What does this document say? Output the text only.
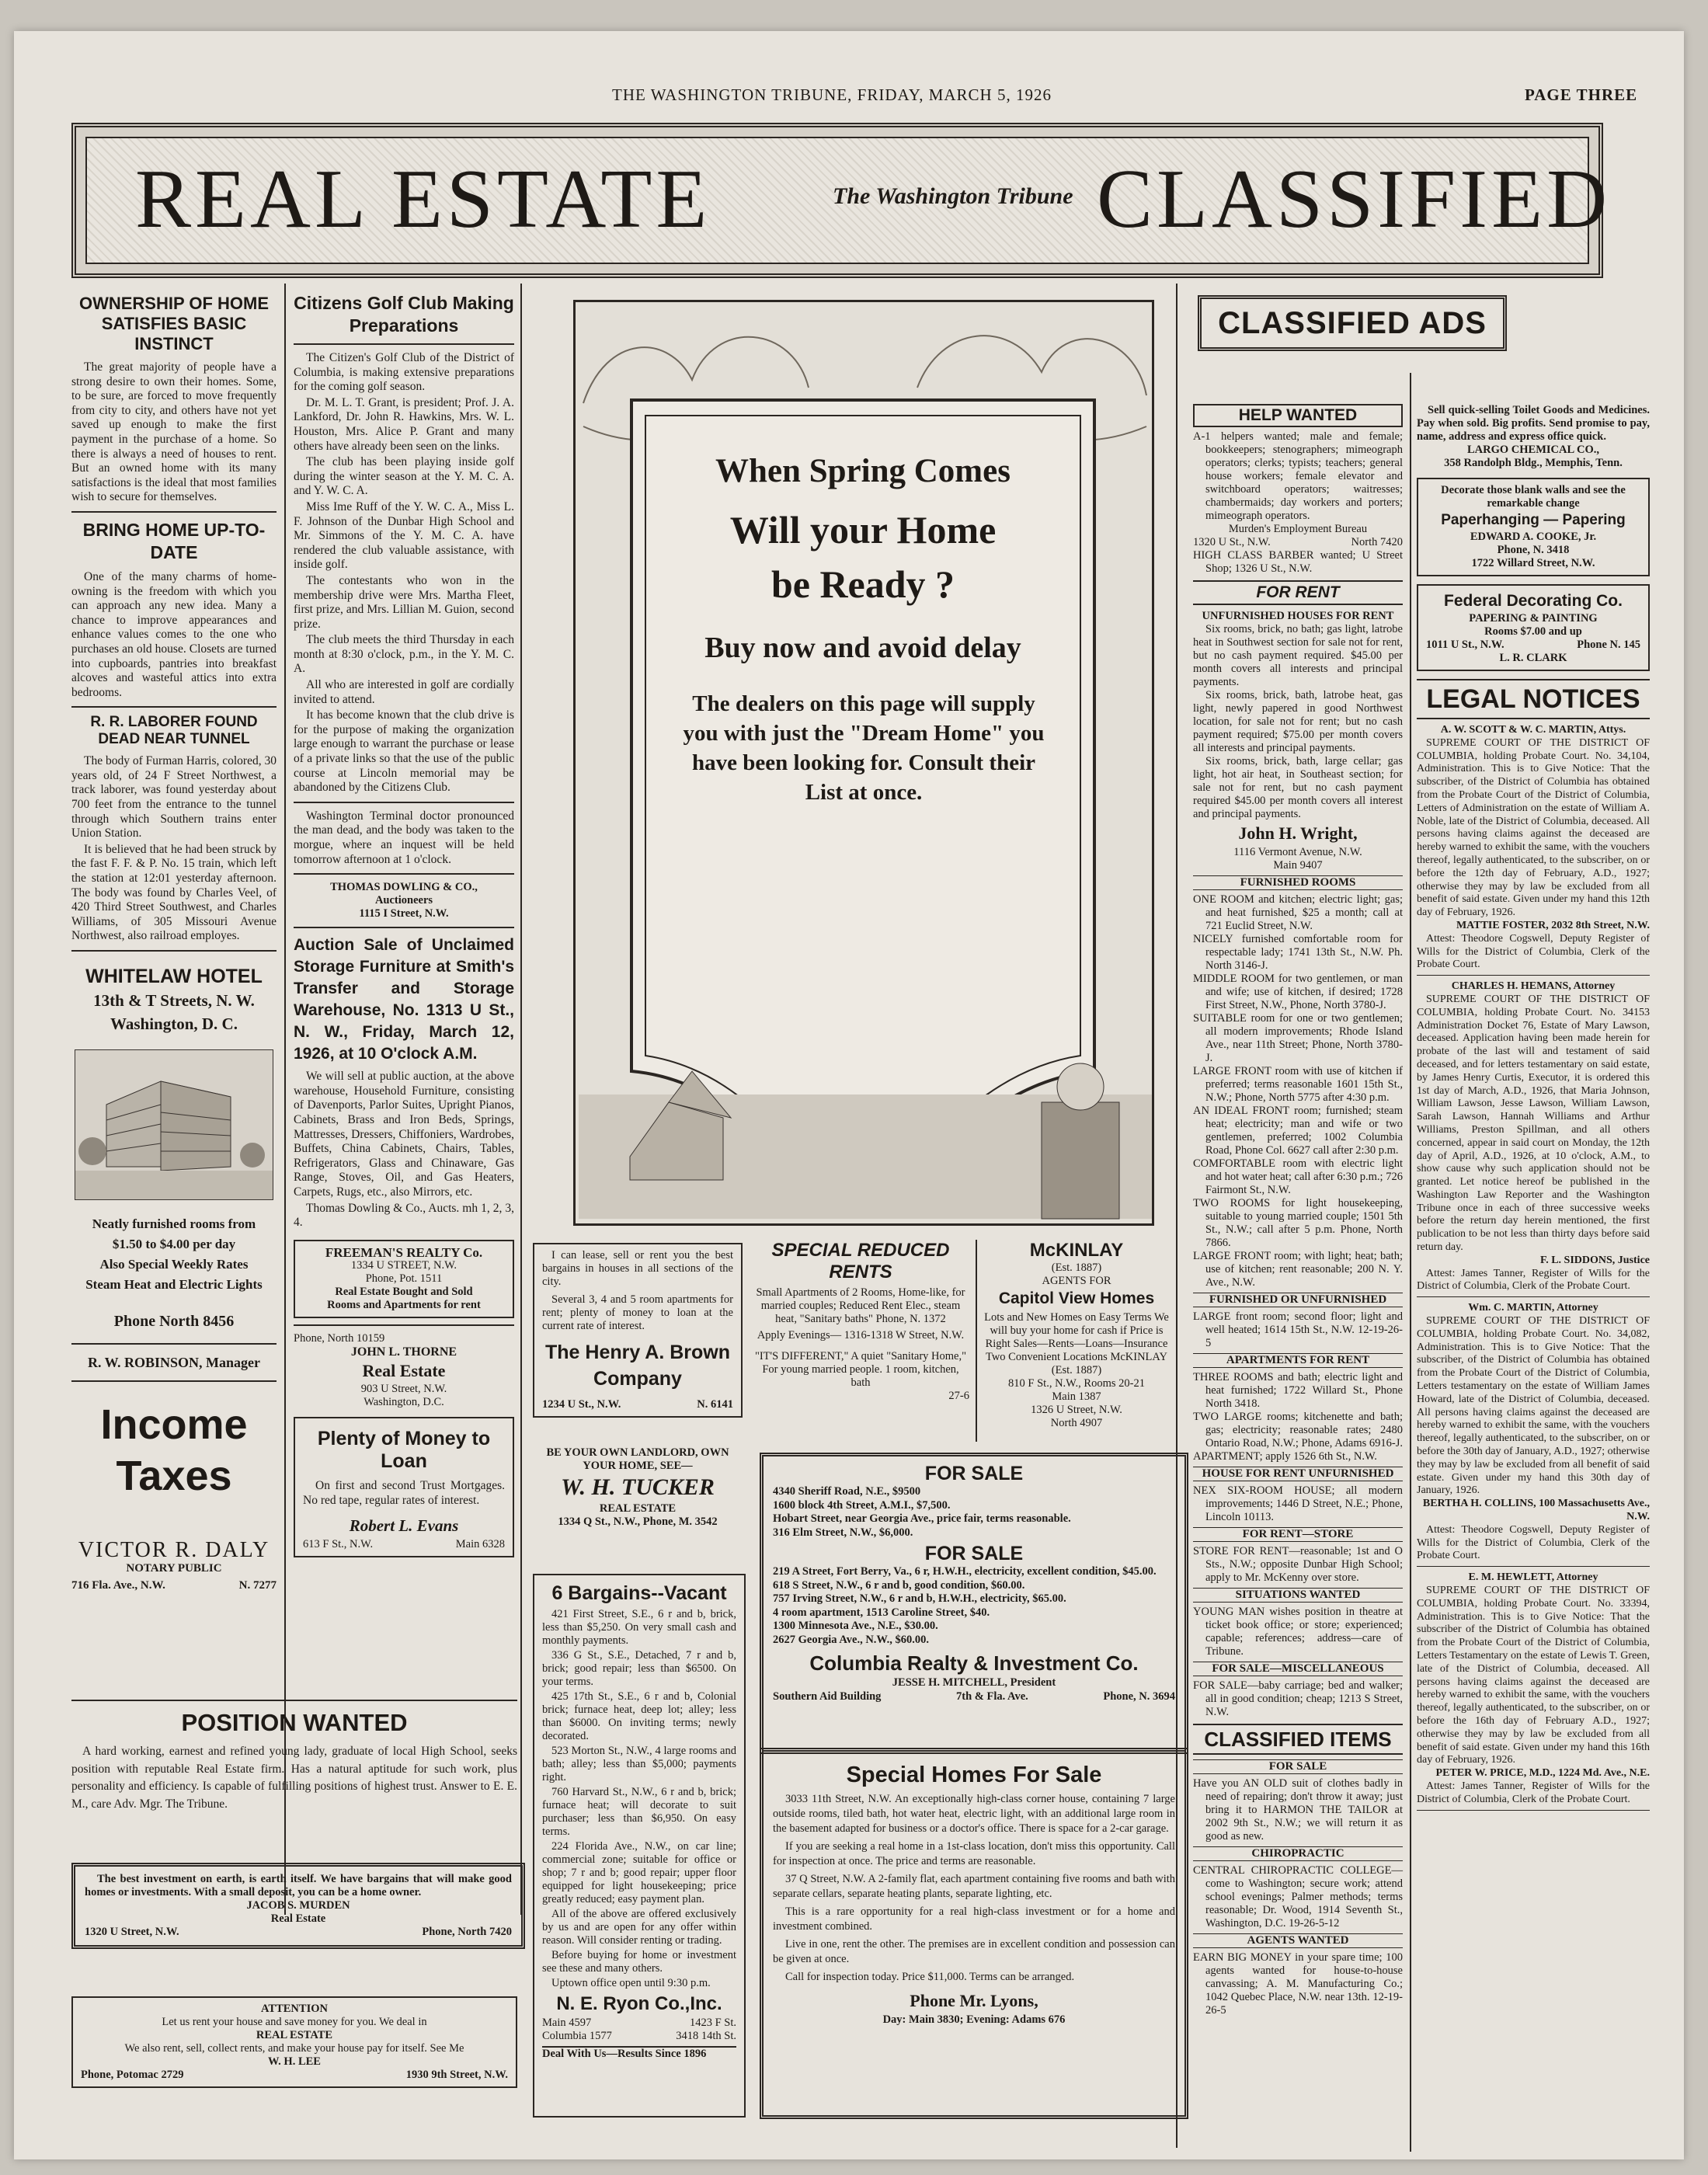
THE WASHINGTON TRIBUNE, FRIDAY, MARCH 5, 1926	PAGE THREE
REAL ESTATE	The Washington Tribune CLASSIFIED
OWNERSHIP OF HOME SATISFIES BASIC INSTINCT

The great majority of people have a strong desire to own their homes. Some, to be sure, are forced to move frequently from city to city, and others have not yet saved up enough to make the first payment in the purchase of a home. So there is always a need of houses to rent. But an owned home with its many satisfactions is the ideal that most families wish to secure for themselves.

BRING HOME UP-TO-DATE

One of the many charms of home-owning is the freedom with which you can approach any new idea. Many a chance to improve appearances and enhance values comes to the one who purchases an old house. Closets are turned into cupboards, pantries into breakfast alcoves and wasteful attics into extra bedrooms.

R. R. LABORER FOUND DEAD NEAR TUNNEL

The body of Furman Harris, colored, 30 years old, of 24 F Street Northwest, a track laborer, was found yesterday about 700 feet from the entrance to the tunnel through which Southern trains enter Union Station.

It is believed that he had been struck by the fast F. F. & P. No. 15 train, which left the station at 12:01 yesterday afternoon. The body was found by Charles Veel, of 420 Third Street Southwest, and Charles Williams, of 305 Missouri Avenue Northwest, also railroad employes.

WHITELAW HOTEL
13th & T Streets, N. W.
Washington, D. C.
Neatly furnished rooms from
$1.50 to $4.00 per day
Also Special Weekly Rates
Steam Heat and Electric Lights
Phone North 8456
R. W. ROBINSON, Manager
Income
Taxes
VICTOR R. DALY
NOTARY PUBLIC
716 Fla. Ave., N.W.	N. 7277
Citizens Golf Club Making Preparations

The Citizen's Golf Club of the District of Columbia, is making extensive preparations for the coming golf season.

Dr. M. L. T. Grant, is president; Prof. J. A. Lankford, Dr. John R. Hawkins, Mrs. W. L. Houston, Mrs. Alice P. Grant and many others have already been seen on the links.

The club has been playing inside golf during the winter season at the Y. M. C. A. and Y. W. C. A.

Miss Ime Ruff of the Y. W. C. A., Miss L. F. Johnson of the Dunbar High School and Mr. Simmons of the Y. M. C. A. have rendered the club valuable assistance, with inside golf.

The contestants who won in the membership drive were Mrs. Martha Fleet, first prize, and Mrs. Lillian M. Guion, second prize.

The club meets the third Thursday in each month at 8:30 o'clock, p.m., in the Y. M. C. A.

All who are interested in golf are cordially invited to attend.

It has become known that the club drive is for the purpose of making the organization large enough to warrant the purchase or lease of a private links so that the use of the public course at Lincoln memorial may be abandoned by the Citizens Club.

Washington Terminal doctor pronounced the man dead, and the body was taken to the morgue, where an inquest will be held tomorrow afternoon at 1 o'clock.

THOMAS DOWLING & CO.,
Auctioneers
1115 I Street, N.W.
Auction Sale of Unclaimed Storage Furniture at Smith's Transfer and Storage Warehouse, No. 1313 U St., N. W., Friday, March 12, 1926, at 10 O'clock A.M.

We will sell at public auction, at the above warehouse, Household Furniture, consisting of Davenports, Parlor Suites, Upright Pianos, Cabinets, Brass and Iron Beds, Springs, Mattresses, Dressers, Chiffoniers, Wardrobes, Buffets, China Cabinets, Chairs, Tables, Refrigerators, Glass and Chinaware, Gas Range, Stoves, Oil, and Gas Heaters, Carpets, Rugs, etc., also Mirrors, etc.

Thomas Dowling & Co., Aucts. mh 1, 2, 3, 4.

FREEMAN'S REALTY Co.
1334 U STREET, N.W.
Phone, Pot. 1511
Real Estate Bought and Sold
Rooms and Apartments for rent
Phone, North 10159
JOHN L. THORNE
Real Estate
903 U Street, N.W.
Washington, D.C.
Plenty of Money to Loan

On first and second Trust Mortgages. No red tape, regular rates of interest.

Robert L. Evans
613 F St., N.W.	Main 6328
When Spring Comes
Will your Home
be Ready ?
Buy now and avoid delay
The dealers on this page will supply you with just the "Dream Home" you have been looking for. Consult their List at once.

I can lease, sell or rent you the best bargains in houses in all sections of the city.

Several 3, 4 and 5 room apartments for rent; plenty of money to loan at the current rate of interest.

The Henry A. Brown Company
1234 U St., N.W.	N. 6141
SPECIAL REDUCED RENTS
Small Apartments of 2 Rooms, Home-like, for married couples; Reduced Rent Elec., steam heat, "Sanitary baths" Phone, N. 1372
Apply Evenings— 1316-1318 W Street, N.W.
"IT'S DIFFERENT," A quiet "Sanitary Home," For young married people. 1 room, kitchen, bath
27-6
McKINLAY
(Est. 1887)
AGENTS FOR
Capitol View Homes
Lots and New Homes on Easy Terms We will buy your home for cash if Price is Right Sales—Rents—Loans—Insurance Two Convenient Locations McKINLAY (Est. 1887)
810 F St., N.W., Rooms 20-21
Main 1387
1326 U Street, N.W.
North 4907
BE YOUR OWN LANDLORD, OWN YOUR HOME, SEE—
W. H. TUCKER
REAL ESTATE
1334 Q St., N.W., Phone, M. 3542
6 Bargains--Vacant

421 First Street, S.E., 6 r and b, brick, less than $5,250. On very small cash and monthly payments.

336 G St., S.E., Detached, 7 r and b, brick; good repair; less than $6500. On your terms.

425 17th St., S.E., 6 r and b, Colonial brick; furnace heat, deep lot; alley; less than $6000. On inviting terms; newly decorated.

523 Morton St., N.W., 4 large rooms and bath; alley; less than $5,000; payments right.

760 Harvard St., N.W., 6 r and b, brick; furnace heat; will decorate to suit purchaser; less than $6,950. On easy terms.

224 Florida Ave., N.W., on car line; commercial zone; suitable for office or shop; 7 r and b; good repair; upper floor equipped for light housekeeping; price greatly reduced; easy payment plan.

All of the above are offered exclusively by us and are open for any offer within reason. Will consider renting or trading.

Before buying for home or investment see these and many others.

Uptown office open until 9:30 p.m.

N. E. Ryon Co.,Inc.
Main 4597	1423 F St.
Columbia 1577	3418 14th St.
Deal With Us—Results Since 1896
FOR SALE
4340 Sheriff Road, N.E., $9500
1600 block 4th Street, A.M.I., $7,500.
Hobart Street, near Georgia Ave., price fair, terms reasonable.
316 Elm Street, N.W., $6,000.
FOR SALE
219 A Street, Fort Berry, Va., 6 r, H.W.H., electricity, excellent condition, $45.00.
618 S Street, N.W., 6 r and b, good condition, $60.00.
757 Irving Street, N.W., 6 r and b, H.W.H., electricity, $65.00.
4 room apartment, 1513 Caroline Street, $40.
1300 Minnesota Ave., N.E., $30.00.
2627 Georgia Ave., N.W., $60.00.
Columbia Realty & Investment Co.
JESSE H. MITCHELL, President
Southern Aid Building	7th & Fla. Ave.	Phone, N. 3694
Special Homes For Sale

3033 11th Street, N.W. An exceptionally high-class corner house, containing 7 large outside rooms, tiled bath, hot water heat, electric light, with an additional large room in the basement adapted for business or a doctor's office. There is space for a 2-car garage.

If you are seeking a real home in a 1st-class location, don't miss this opportunity. Call for inspection at once. The price and terms are reasonable.

37 Q Street, N.W. A 2-family flat, each apartment containing five rooms and bath with separate cellars, separate heating plants, separate lighting, etc.

This is a rare opportunity for a real high-class investment or for a home and investment combined.

Live in one, rent the other. The premises are in excellent condition and possession can be given at once.

Call for inspection today. Price $11,000. Terms can be arranged.

Phone Mr. Lyons,
Day: Main 3830; Evening: Adams 676
POSITION WANTED

A hard working, earnest and refined young lady, graduate of local High School, seeks position with reputable Real Estate firm. Has a natural aptitude for such work, plus personality and efficiency. Is capable of fulfilling positions of highest trust. Answer to E. E. M., care Adv. Mgr. The Tribune.

The best investment on earth, is earth itself. We have bargains that will make good homes or investments. With a small deposit, you can be a home owner.

JACOB S. MURDEN
Real Estate
1320 U Street, N.W.	Phone, North 7420
ATTENTION
Let us rent your house and save money for you. We deal in
REAL ESTATE
We also rent, sell, collect rents, and make your house pay for itself. See Me
W. H. LEE
Phone, Potomac 2729	1930 9th Street, N.W.
CLASSIFIED ADS
HELP WANTED

A-1 helpers wanted; male and female; bookkeepers; stenographers; mimeograph operators; clerks; typists; teachers; general house workers; female elevator and switchboard operators; waitresses; chambermaids; day workers and porters; mimeograph operators.

Murden's Employment Bureau
1320 U St., N.W.	North 7420

HIGH CLASS BARBER wanted; U Street Shop; 1326 U St., N.W.

FOR RENT
UNFURNISHED HOUSES FOR RENT

Six rooms, brick, no bath; gas light, latrobe heat in Southwest section for sale not for rent, but no cash payment required. $45.00 per month covers all interests and principal payments.

Six rooms, brick, bath, latrobe heat, gas light, newly papered in good Northwest location, for sale not for rent; but no cash payment required; $75.00 per month covers all interests and principal payments.

Six rooms, brick, bath, large cellar; gas light, hot air heat, in Southeast section; for sale not for rent, but no cash payment required $45.00 per month covers all interest and principal payments.

John H. Wright,
1116 Vermont Avenue, N.W.
Main 9407
FURNISHED ROOMS

ONE ROOM and kitchen; electric light; gas; and heat furnished, $25 a month; call at 721 Euclid Street, N.W.

NICELY furnished comfortable room for respectable lady; 1741 13th St., N.W. Ph. North 3146-J.

MIDDLE ROOM for two gentlemen, or man and wife; use of kitchen, if desired; 1728 First Street, N.W., Phone, North 3780-J.

SUITABLE room for one or two gentlemen; all modern improvements; Rhode Island Ave., near 11th Street; Phone, North 3780-J.

LARGE FRONT room with use of kitchen if preferred; terms reasonable 1601 15th St., N.W.; Phone, North 5775 after 4:30 p.m.

AN IDEAL FRONT room; furnished; steam heat; electricity; man and wife or two gentlemen, preferred; 1002 Columbia Road, Phone Col. 6627 call after 2:30 p.m.

COMFORTABLE room with electric light and hot water heat; call after 6:30 p.m.; 726 Fairmont St., N.W.

TWO ROOMS for light housekeeping, suitable to young married couple; 1501 5th St., N.W.; call after 5 p.m. Phone, North 7866.

LARGE FRONT room; with light; heat; bath; use of kitchen; rent reasonable; 200 N. Y. Ave., N.W.

FURNISHED OR UNFURNISHED

LARGE front room; second floor; light and well heated; 1614 15th St., N.W. 12-19-26-5

APARTMENTS FOR RENT

THREE ROOMS and bath; electric light and heat furnished; 1722 Willard St., Phone North 3418.

TWO LARGE rooms; kitchenette and bath; gas; electricity; reasonable rates; 2480 Ontario Road, N.W.; Phone, Adams 6916-J.

APARTMENT; apply 1526 6th St., N.W.

HOUSE FOR RENT UNFURNISHED

NEX SIX-ROOM HOUSE; all modern improvements; 1446 D Street, N.E.; Phone, Lincoln 10113.

FOR RENT—STORE

STORE FOR RENT—reasonable; 1st and O Sts., N.W.; opposite Dunbar High School; apply to Mr. McKenny over store.

SITUATIONS WANTED

YOUNG MAN wishes position in theatre at ticket book office; or store; experienced; capable; references; address—care of Tribune.

FOR SALE—MISCELLANEOUS

FOR SALE—baby carriage; bed and walker; all in good condition; cheap; 1213 S Street, N.W.

CLASSIFIED ITEMS
FOR SALE

Have you AN OLD suit of clothes badly in need of repairing; don't throw it away; just bring it to HARMON THE TAILOR at 2002 9th St., N.W.; we will return it as good as new.

CHIROPRACTIC

CENTRAL CHIROPRACTIC COLLEGE—come to Washington; secure work; attend school evenings; Palmer methods; terms reasonable; Dr. Wood, 1914 Seventh St., Washington, D.C. 19-26-5-12

AGENTS WANTED

EARN BIG MONEY in your spare time; 100 agents wanted for house-to-house canvassing; A. M. Manufacturing Co.; 1042 Quebec Place, N.W. near 13th. 12-19-26-5

Sell quick-selling Toilet Goods and Medicines. Pay when sold. Big profits. Send promise to pay, name, address and express office quick.

LARGO CHEMICAL CO.,
358 Randolph Bldg., Memphis, Tenn.
Decorate those blank walls and see the remarkable change
Paperhanging — Papering
EDWARD A. COOKE, Jr.
Phone, N. 3418
1722 Willard Street, N.W.
Federal Decorating Co.
PAPERING & PAINTING
Rooms $7.00 and up
1011 U St., N.W.	Phone N. 145
L. R. CLARK
LEGAL NOTICES
A. W. SCOTT & W. C. MARTIN, Attys.

SUPREME COURT OF THE DISTRICT OF COLUMBIA, holding Probate Court. No. 34,104, Administration. This is to Give Notice: That the subscriber, of the District of Columbia has obtained from the Probate Court of the District of Columbia, Letters of Administration on the estate of William A. Noble, late of the District of Columbia, deceased. All persons having claims against the deceased are hereby warned to exhibit the same, with the vouchers thereof, legally authenticated, to the subscriber, on or before the 12th day of February, A.D., 1927; otherwise they may by law be excluded from all benefit of said estate. Given under my hand this 12th day of February, 1926.

MATTIE FOSTER, 2032 8th Street, N.W.

Attest: Theodore Cogswell, Deputy Register of Wills for the District of Columbia, Clerk of the Probate Court.

CHARLES H. HEMANS, Attorney

SUPREME COURT OF THE DISTRICT OF COLUMBIA, holding Probate Court. No. 34153 Administration Docket 76, Estate of Mary Lawson, deceased. Application having been made herein for probate of the last will and testament of said deceased, and for letters testamentary on said estate, by James Henry Curtis, Executor, it is ordered this 1st day of March, A.D., 1926, that Maria Johnson, William Lawson, Jesse Lawson, William Lawson, Sarah Lawson, Hannah Williams and Arthur Williams, Preston Spillman, and all others concerned, appear in said court on Monday, the 12th day of April, A.D., 1926, at 10 o'clock, A.M., to show cause why such application should not be granted. Let notice hereof be published in the Washington Law Reporter and the Washington Tribune once in each of three successive weeks before the return day herein mentioned, the first publication to be not less than thirty days before said return day.

F. L. SIDDONS, Justice

Attest: James Tanner, Register of Wills for the District of Columbia, Clerk of the Probate Court.

Wm. C. MARTIN, Attorney

SUPREME COURT OF THE DISTRICT OF COLUMBIA, holding Probate Court. No. 34,082, Administration. This is to Give Notice: That the subscriber, of the District of Columbia has obtained from the Probate Court of the District of Columbia, Letters testamentary on the estate of William James Howard, late of the District of Columbia, deceased. All persons having claims against the deceased are hereby warned to exhibit the same, with the vouchers thereof, legally authenticated, to the subscriber, on or before the 30th day of January, A.D., 1927; otherwise they may by law be excluded from all benefit of said estate. Given under my hand this 30th day of January, 1926.

BERTHA H. COLLINS, 100 Massachusetts Ave., N.W.

Attest: Theodore Cogswell, Deputy Register of Wills for the District of Columbia, Clerk of the Probate Court.

E. M. HEWLETT, Attorney

SUPREME COURT OF THE DISTRICT OF COLUMBIA, holding Probate Court. No. 33394, Administration. This is to Give Notice: That the subscriber of the District of Columbia has obtained from the Probate Court of the District of Columbia, Letters Testamentary on the estate of Lewis T. Green, late of the District of Columbia, deceased. All persons having claims against the deceased are hereby warned to exhibit the same, with the vouchers thereof, legally authenticated, to the subscriber, on or before the 16th day of February A.D., 1927; otherwise they may by law be excluded from all benefit of said estate. Given under my hand this 16th day of February, 1926.

PETER W. PRICE, M.D., 1224 Md. Ave., N.E.

Attest: James Tanner, Register of Wills for the District of Columbia, Clerk of the Probate Court.
